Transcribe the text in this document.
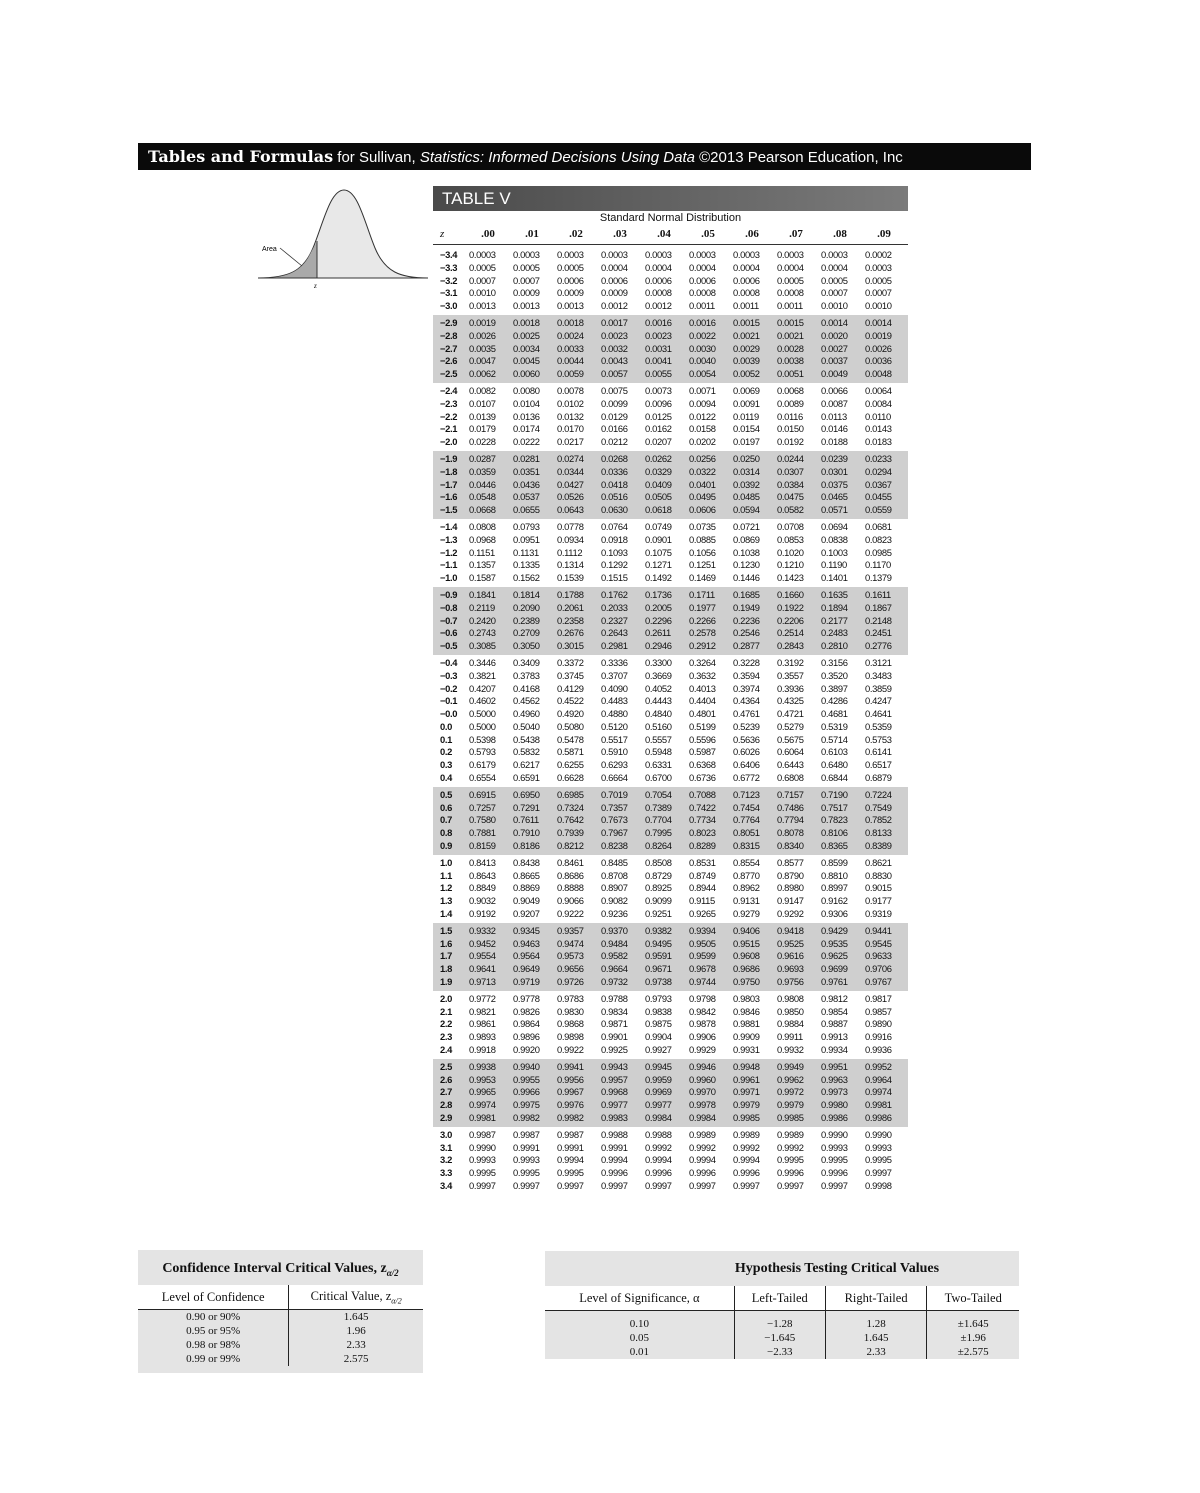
Tables and Formulas for Sullivan, Statistics: Informed Decisions Using Data ©2013 Pearson Education, Inc
Area
z
TABLE V
Standard Normal Distribution
z	.00	.01	.02	.03	.04	.05	.06	.07	.08	.09
−3.4	0.0003	0.0003	0.0003	0.0003	0.0003	0.0003	0.0003	0.0003	0.0003	0.0002
−3.3	0.0005	0.0005	0.0005	0.0004	0.0004	0.0004	0.0004	0.0004	0.0004	0.0003
−3.2	0.0007	0.0007	0.0006	0.0006	0.0006	0.0006	0.0006	0.0005	0.0005	0.0005
−3.1	0.0010	0.0009	0.0009	0.0009	0.0008	0.0008	0.0008	0.0008	0.0007	0.0007
−3.0	0.0013	0.0013	0.0013	0.0012	0.0012	0.0011	0.0011	0.0011	0.0010	0.0010
−2.9	0.0019	0.0018	0.0018	0.0017	0.0016	0.0016	0.0015	0.0015	0.0014	0.0014
−2.8	0.0026	0.0025	0.0024	0.0023	0.0023	0.0022	0.0021	0.0021	0.0020	0.0019
−2.7	0.0035	0.0034	0.0033	0.0032	0.0031	0.0030	0.0029	0.0028	0.0027	0.0026
−2.6	0.0047	0.0045	0.0044	0.0043	0.0041	0.0040	0.0039	0.0038	0.0037	0.0036
−2.5	0.0062	0.0060	0.0059	0.0057	0.0055	0.0054	0.0052	0.0051	0.0049	0.0048
−2.4	0.0082	0.0080	0.0078	0.0075	0.0073	0.0071	0.0069	0.0068	0.0066	0.0064
−2.3	0.0107	0.0104	0.0102	0.0099	0.0096	0.0094	0.0091	0.0089	0.0087	0.0084
−2.2	0.0139	0.0136	0.0132	0.0129	0.0125	0.0122	0.0119	0.0116	0.0113	0.0110
−2.1	0.0179	0.0174	0.0170	0.0166	0.0162	0.0158	0.0154	0.0150	0.0146	0.0143
−2.0	0.0228	0.0222	0.0217	0.0212	0.0207	0.0202	0.0197	0.0192	0.0188	0.0183
−1.9	0.0287	0.0281	0.0274	0.0268	0.0262	0.0256	0.0250	0.0244	0.0239	0.0233
−1.8	0.0359	0.0351	0.0344	0.0336	0.0329	0.0322	0.0314	0.0307	0.0301	0.0294
−1.7	0.0446	0.0436	0.0427	0.0418	0.0409	0.0401	0.0392	0.0384	0.0375	0.0367
−1.6	0.0548	0.0537	0.0526	0.0516	0.0505	0.0495	0.0485	0.0475	0.0465	0.0455
−1.5	0.0668	0.0655	0.0643	0.0630	0.0618	0.0606	0.0594	0.0582	0.0571	0.0559
−1.4	0.0808	0.0793	0.0778	0.0764	0.0749	0.0735	0.0721	0.0708	0.0694	0.0681
−1.3	0.0968	0.0951	0.0934	0.0918	0.0901	0.0885	0.0869	0.0853	0.0838	0.0823
−1.2	0.1151	0.1131	0.1112	0.1093	0.1075	0.1056	0.1038	0.1020	0.1003	0.0985
−1.1	0.1357	0.1335	0.1314	0.1292	0.1271	0.1251	0.1230	0.1210	0.1190	0.1170
−1.0	0.1587	0.1562	0.1539	0.1515	0.1492	0.1469	0.1446	0.1423	0.1401	0.1379
−0.9	0.1841	0.1814	0.1788	0.1762	0.1736	0.1711	0.1685	0.1660	0.1635	0.1611
−0.8	0.2119	0.2090	0.2061	0.2033	0.2005	0.1977	0.1949	0.1922	0.1894	0.1867
−0.7	0.2420	0.2389	0.2358	0.2327	0.2296	0.2266	0.2236	0.2206	0.2177	0.2148
−0.6	0.2743	0.2709	0.2676	0.2643	0.2611	0.2578	0.2546	0.2514	0.2483	0.2451
−0.5	0.3085	0.3050	0.3015	0.2981	0.2946	0.2912	0.2877	0.2843	0.2810	0.2776
−0.4	0.3446	0.3409	0.3372	0.3336	0.3300	0.3264	0.3228	0.3192	0.3156	0.3121
−0.3	0.3821	0.3783	0.3745	0.3707	0.3669	0.3632	0.3594	0.3557	0.3520	0.3483
−0.2	0.4207	0.4168	0.4129	0.4090	0.4052	0.4013	0.3974	0.3936	0.3897	0.3859
−0.1	0.4602	0.4562	0.4522	0.4483	0.4443	0.4404	0.4364	0.4325	0.4286	0.4247
−0.0	0.5000	0.4960	0.4920	0.4880	0.4840	0.4801	0.4761	0.4721	0.4681	0.4641
0.0	0.5000	0.5040	0.5080	0.5120	0.5160	0.5199	0.5239	0.5279	0.5319	0.5359
0.1	0.5398	0.5438	0.5478	0.5517	0.5557	0.5596	0.5636	0.5675	0.5714	0.5753
0.2	0.5793	0.5832	0.5871	0.5910	0.5948	0.5987	0.6026	0.6064	0.6103	0.6141
0.3	0.6179	0.6217	0.6255	0.6293	0.6331	0.6368	0.6406	0.6443	0.6480	0.6517
0.4	0.6554	0.6591	0.6628	0.6664	0.6700	0.6736	0.6772	0.6808	0.6844	0.6879
0.5	0.6915	0.6950	0.6985	0.7019	0.7054	0.7088	0.7123	0.7157	0.7190	0.7224
0.6	0.7257	0.7291	0.7324	0.7357	0.7389	0.7422	0.7454	0.7486	0.7517	0.7549
0.7	0.7580	0.7611	0.7642	0.7673	0.7704	0.7734	0.7764	0.7794	0.7823	0.7852
0.8	0.7881	0.7910	0.7939	0.7967	0.7995	0.8023	0.8051	0.8078	0.8106	0.8133
0.9	0.8159	0.8186	0.8212	0.8238	0.8264	0.8289	0.8315	0.8340	0.8365	0.8389
1.0	0.8413	0.8438	0.8461	0.8485	0.8508	0.8531	0.8554	0.8577	0.8599	0.8621
1.1	0.8643	0.8665	0.8686	0.8708	0.8729	0.8749	0.8770	0.8790	0.8810	0.8830
1.2	0.8849	0.8869	0.8888	0.8907	0.8925	0.8944	0.8962	0.8980	0.8997	0.9015
1.3	0.9032	0.9049	0.9066	0.9082	0.9099	0.9115	0.9131	0.9147	0.9162	0.9177
1.4	0.9192	0.9207	0.9222	0.9236	0.9251	0.9265	0.9279	0.9292	0.9306	0.9319
1.5	0.9332	0.9345	0.9357	0.9370	0.9382	0.9394	0.9406	0.9418	0.9429	0.9441
1.6	0.9452	0.9463	0.9474	0.9484	0.9495	0.9505	0.9515	0.9525	0.9535	0.9545
1.7	0.9554	0.9564	0.9573	0.9582	0.9591	0.9599	0.9608	0.9616	0.9625	0.9633
1.8	0.9641	0.9649	0.9656	0.9664	0.9671	0.9678	0.9686	0.9693	0.9699	0.9706
1.9	0.9713	0.9719	0.9726	0.9732	0.9738	0.9744	0.9750	0.9756	0.9761	0.9767
2.0	0.9772	0.9778	0.9783	0.9788	0.9793	0.9798	0.9803	0.9808	0.9812	0.9817
2.1	0.9821	0.9826	0.9830	0.9834	0.9838	0.9842	0.9846	0.9850	0.9854	0.9857
2.2	0.9861	0.9864	0.9868	0.9871	0.9875	0.9878	0.9881	0.9884	0.9887	0.9890
2.3	0.9893	0.9896	0.9898	0.9901	0.9904	0.9906	0.9909	0.9911	0.9913	0.9916
2.4	0.9918	0.9920	0.9922	0.9925	0.9927	0.9929	0.9931	0.9932	0.9934	0.9936
2.5	0.9938	0.9940	0.9941	0.9943	0.9945	0.9946	0.9948	0.9949	0.9951	0.9952
2.6	0.9953	0.9955	0.9956	0.9957	0.9959	0.9960	0.9961	0.9962	0.9963	0.9964
2.7	0.9965	0.9966	0.9967	0.9968	0.9969	0.9970	0.9971	0.9972	0.9973	0.9974
2.8	0.9974	0.9975	0.9976	0.9977	0.9977	0.9978	0.9979	0.9979	0.9980	0.9981
2.9	0.9981	0.9982	0.9982	0.9983	0.9984	0.9984	0.9985	0.9985	0.9986	0.9986
3.0	0.9987	0.9987	0.9987	0.9988	0.9988	0.9989	0.9989	0.9989	0.9990	0.9990
3.1	0.9990	0.9991	0.9991	0.9991	0.9992	0.9992	0.9992	0.9992	0.9993	0.9993
3.2	0.9993	0.9993	0.9994	0.9994	0.9994	0.9994	0.9994	0.9995	0.9995	0.9995
3.3	0.9995	0.9995	0.9995	0.9996	0.9996	0.9996	0.9996	0.9996	0.9996	0.9997
3.4	0.9997	0.9997	0.9997	0.9997	0.9997	0.9997	0.9997	0.9997	0.9997	0.9998
Confidence Interval Critical Values, $z_{\alpha/2}$
Level of Confidence	Critical Value, $z_{\alpha/2}$
0.90 or 90%	1.645
0.95 or 95%	1.96
0.98 or 98%	2.33
0.99 or 99%	2.575
Hypothesis Testing Critical Values
Level of Significance, α	Left-Tailed	Right-Tailed	Two-Tailed
0.10	−1.28	1.28	±1.645
0.05	−1.645	1.645	±1.96
0.01	−2.33	2.33	±2.575
